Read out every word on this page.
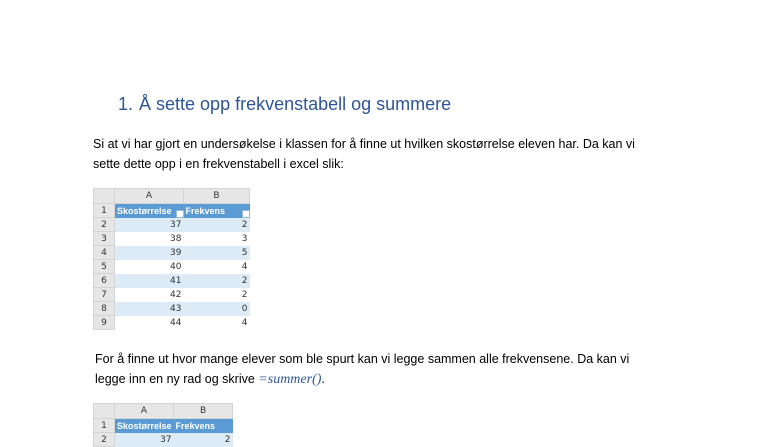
1. Å sette opp frekvenstabell og summere
Si at vi har gjort en undersøkelse i klassen for å finne ut hvilken skostørrelse eleven har. Da kan vi
sette dette opp i en frekvenstabell i excel slik:
	A	B
1	Skostørrelse	Frekvens

2	37	2
3	38	3
4	39	5
5	40	4
6	41	2
7	42	2
8	43	0
9	44	4
For å finne ut hvor mange elever som ble spurt kan vi legge sammen alle frekvensene. Da kan vi
legge inn en ny rad og skrive =summer().
	A	B
1	Skostørrelse	Frekvens
2	37	2
